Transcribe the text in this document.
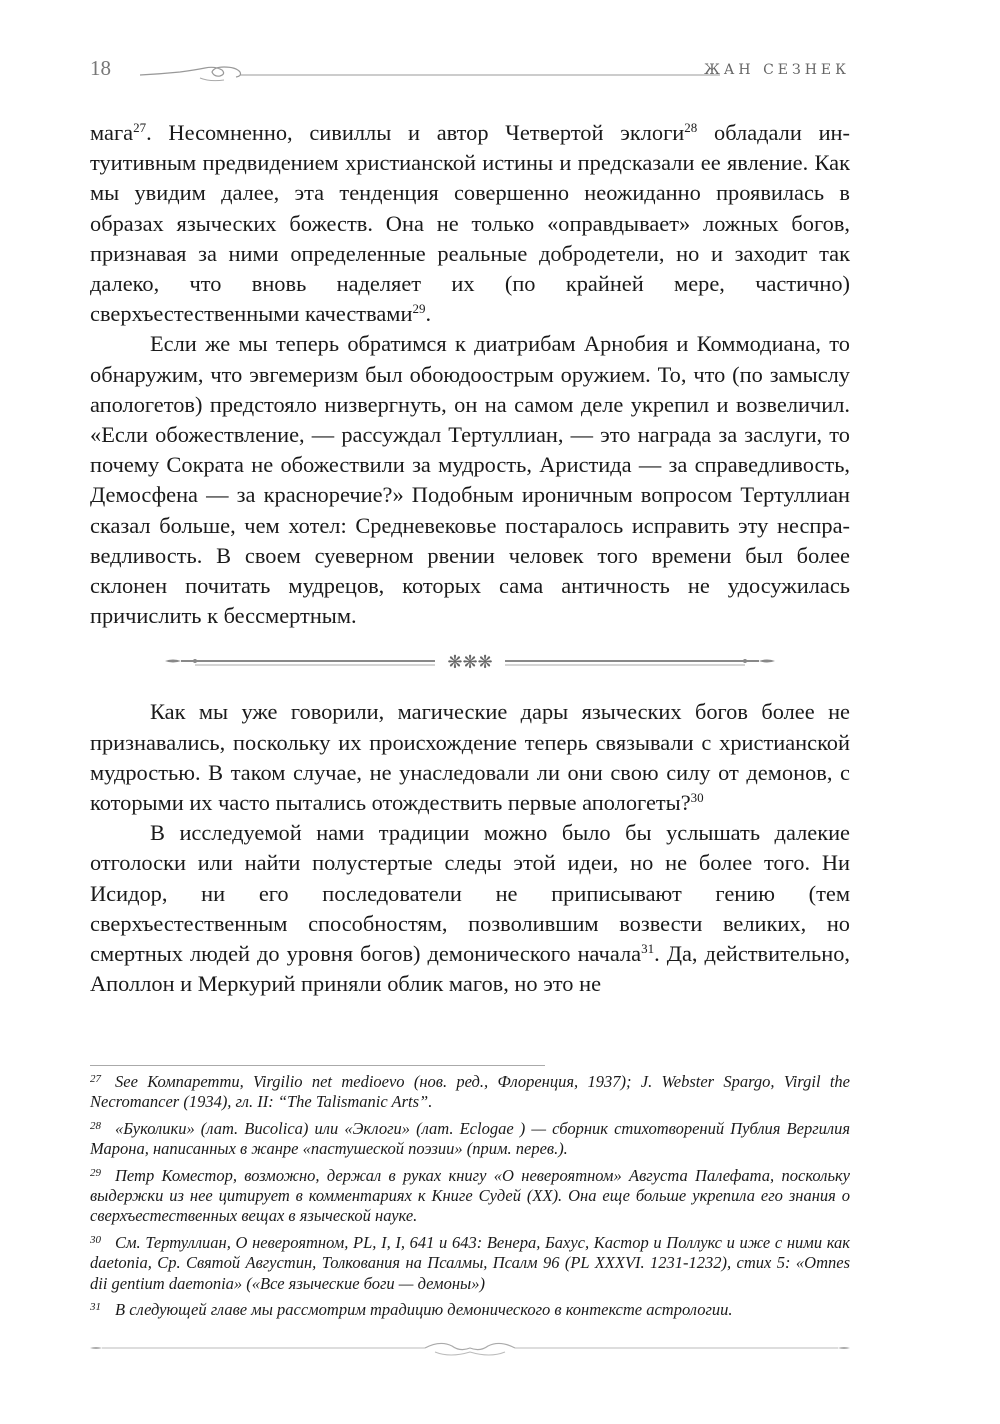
18	ЖАН СЕЗНЕК

мага$^{27}$. Несомненно, сивиллы и автор Четвертой эклоги$^{28}$ обладали интуитивным предвидением христианской истины и предсказали ее явление. Как мы увидим далее, эта тенденция совершенно неожиданно проявилась в образах языческих божеств. Она не только «оправдывает» ложных богов, признавая за ними определенные реальные добродетели, но и заходит так далеко, что вновь наделяет их (по крайней мере, частично) сверхъестественными качествами$^{29}$.

Если же мы теперь обратимся к диатрибам Арнобия и Коммодиана, то обнаружим, что эвгемеризм был обоюдоострым оружием. То, что (по замыслу апологетов) предстояло низвергнуть, он на самом деле укрепил и возвеличил. «Если обожествление, — рассуждал Тертуллиан, — это награда за заслуги, то почему Сократа не обожествили за мудрость, Аристида — за справедливость, Демосфена — за красноречие?» Подобным ироничным вопросом Тертуллиан сказал больше, чем хотел: Средневековье постаралось исправить эту несправедливость. В своем суеверном рвении человек того времени был более склонен почитать мудрецов, которых сама античность не удосужилась причислить к бессмертным.

❋❋❋

Как мы уже говорили, магические дары языческих богов более не признавались, поскольку их происхождение теперь связывали с христианской мудростью. В таком случае, не унаследовали ли они свою силу от демонов, с которыми их часто пытались отождествить первые апологеты?$^{30}$

В исследуемой нами традиции можно было бы услышать далекие отголоски или найти полустертые следы этой идеи, но не более того. Ни Исидор, ни его последователи не приписывают гению (тем сверхъестественным способностям, позволившим возвести великих, но смертных людей до уровня богов) демонического начала$^{31}$. Да, действительно, Аполлон и Меркурий приняли облик магов, но это не

$^{27}$ See Компаретти, Virgilio net medioevo (нов. ред., Флоренция, 1937); J. Webster Spargo, Virgil the Necromancer (1934), гл. II: “The Talismanic Arts”.

$^{28}$ «Буколики» (лат. Bucolica) или «Эклоги» (лат. Eclogae ) — сборник стихотворений Публия Вергилия Марона, написанных в жанре «пастушеской поэзии» (прим. перев.).

$^{29}$ Петр Коместор, возможно, держал в руках книгу «О невероятном» Августа Палефата, поскольку выдержки из нее цитирует в комментариях к Книге Судей (XX). Она еще больше укрепила его знания о сверхъестественных вещах в языческой науке.

$^{30}$ См. Тертуллиан, О невероятном, PL, I, I, 641 и 643: Венера, Бахус, Кастор и Поллукс и иже с ними как daetonia, Ср. Святой Августин, Толкования на Псалмы, Псалм 96 (PL XXXVI. 1231-1232), стих 5: «Omnes dii gentium daemonia» («Все языческие боги — демоны»)

$^{31}$ В следующей главе мы рассмотрим традицию демонического в контексте астрологии.
